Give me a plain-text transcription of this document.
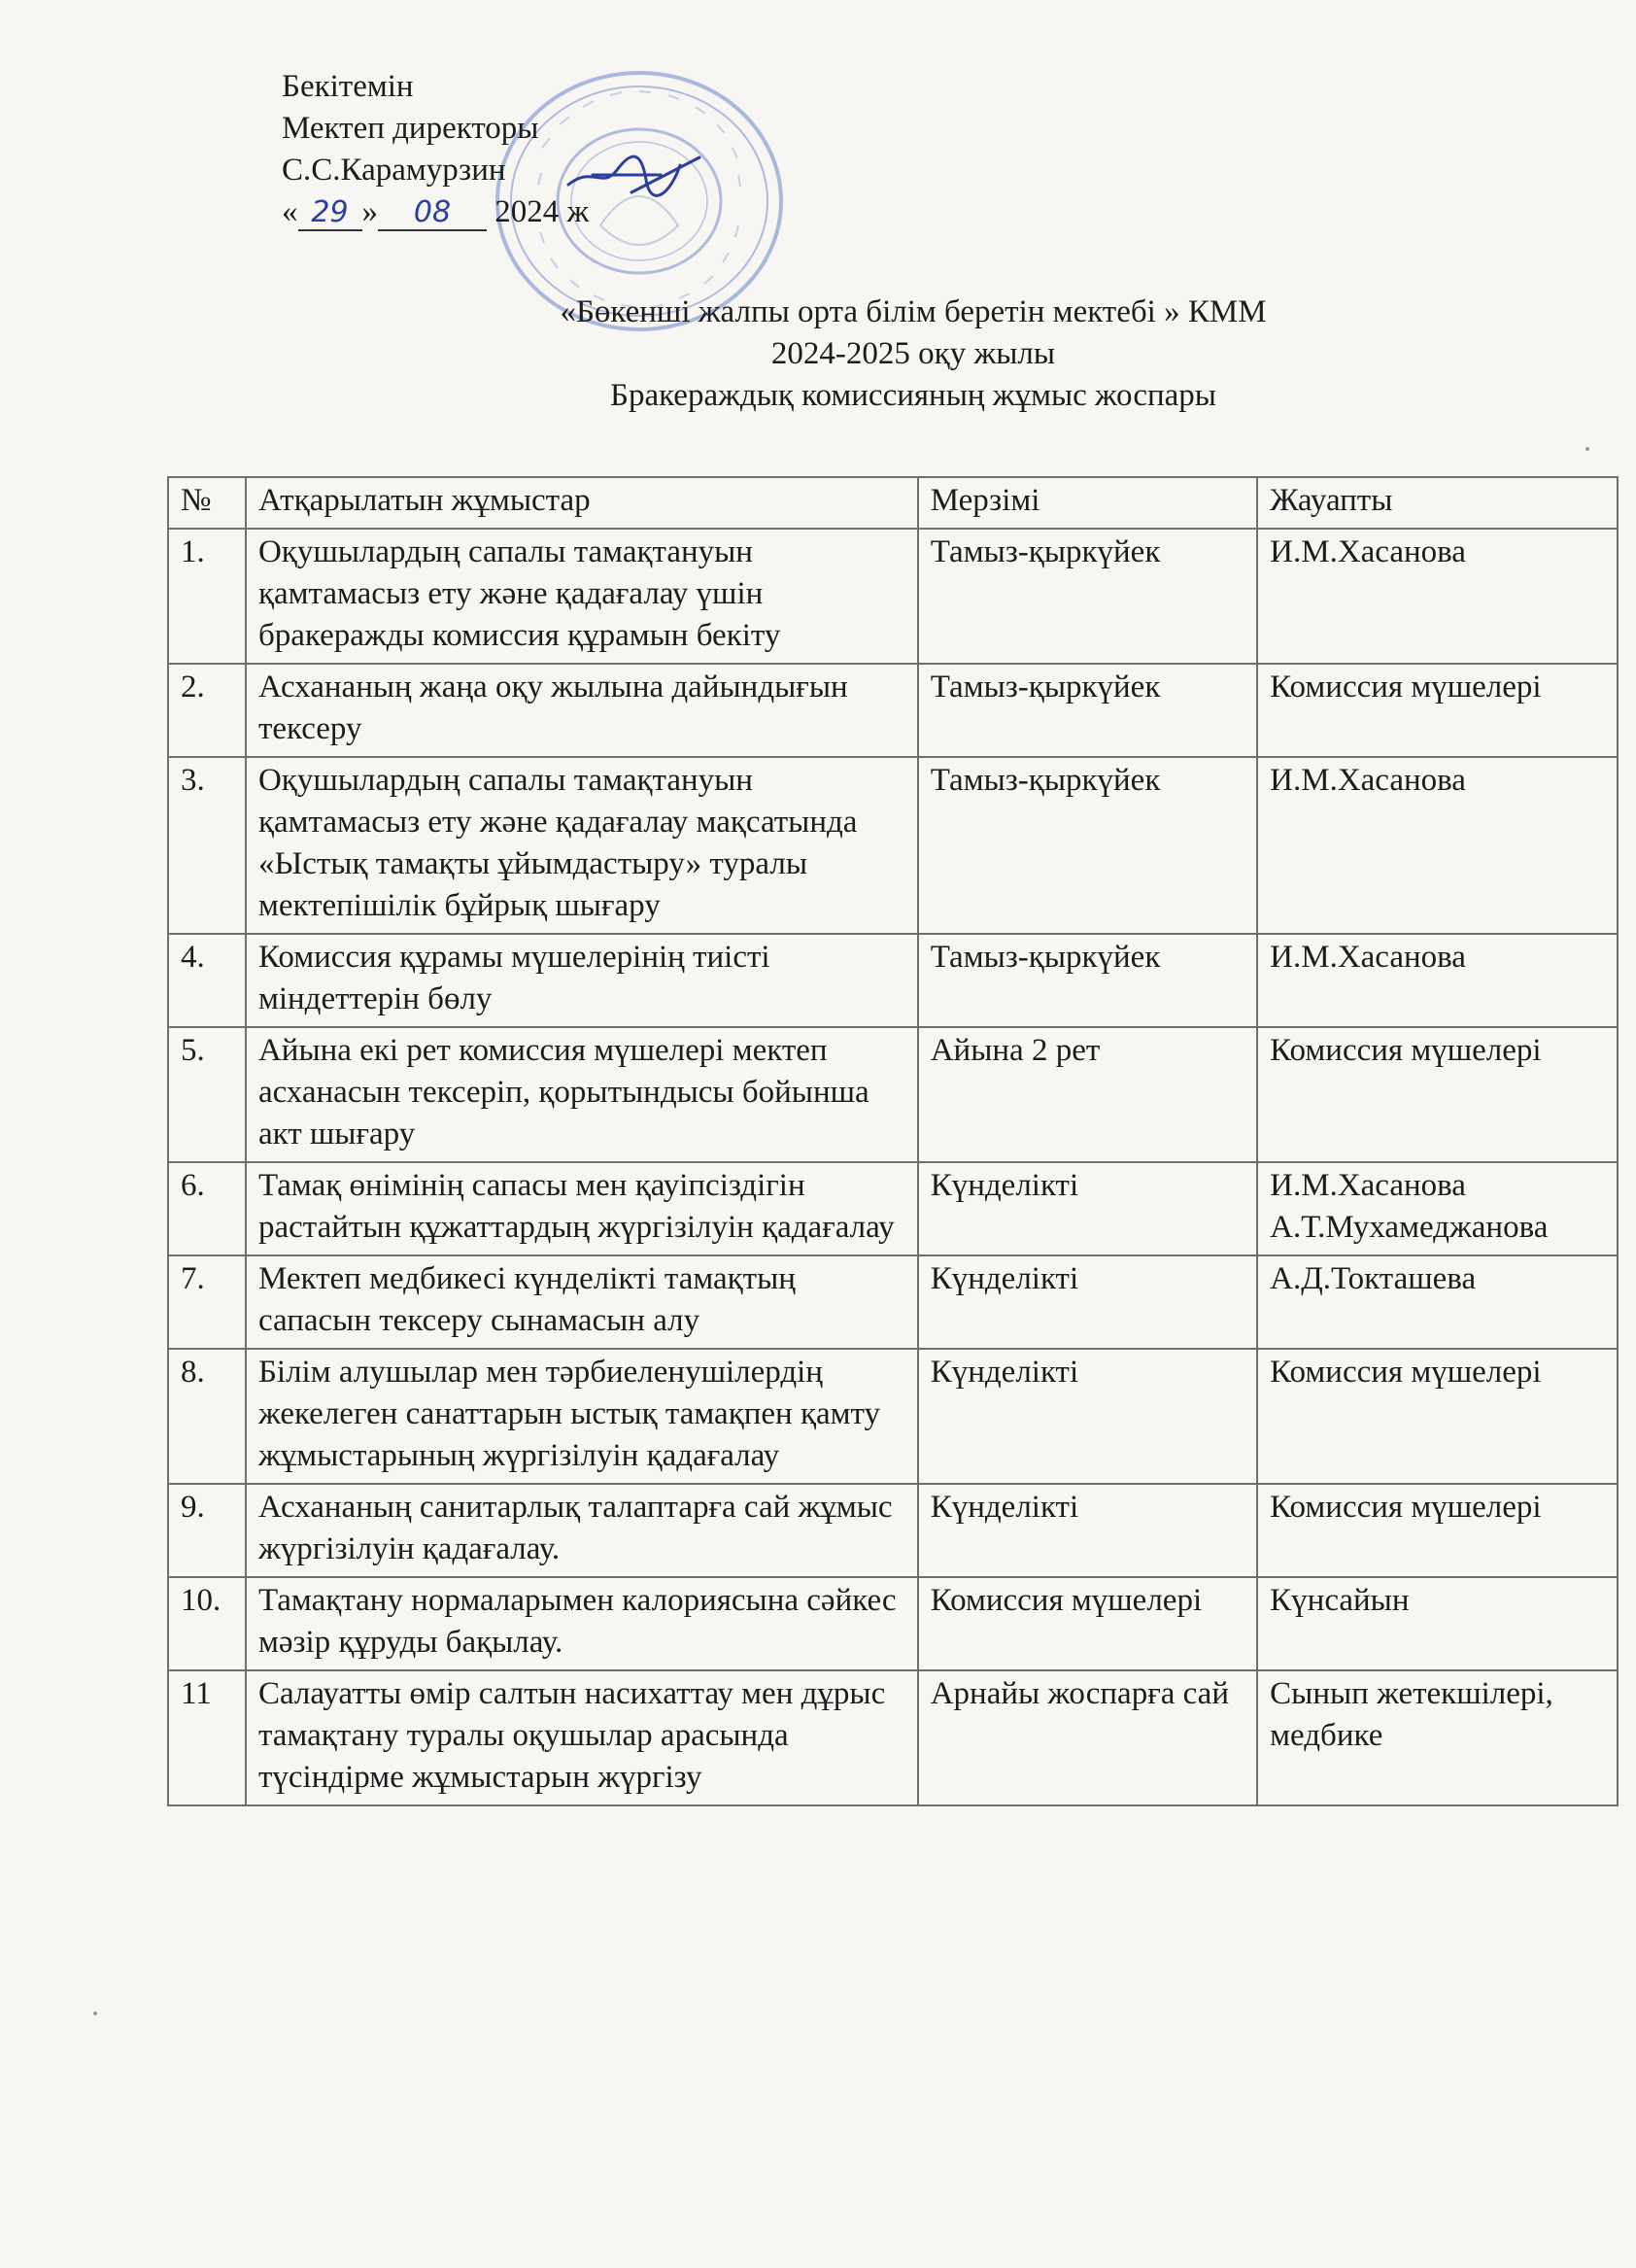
Бекітемін
Мектеп директоры
С.С.Карамурзин
« 29 » 08 2024 ж
«Бөкеншi жалпы орта бiлiм беретiн мектебi » КММ
2024-2025 оқу жылы
Бракераждық комиссияның жұмыс жоспары
№	Атқарылатын жұмыстар	Мерзiмi	Жауапты
1.	Оқушылардың сапалы тамақтануын қамтамасыз ету және қадағалау үшiн бракеражды комиссия құрамын бекiту	Тамыз-қыркүйек	И.М.Хасанова
2.	Асхананың жаңа оқу жылына дайындығын тексеру	Тамыз-қыркүйек	Комиссия мүшелерi
3.	Оқушылардың сапалы тамақтануын қамтамасыз ету және қадағалау мақсатында «Ыстық тамақты ұйымдастыру» туралы мектепiшiлiк бұйрық шығару	Тамыз-қыркүйек	И.М.Хасанова
4.	Комиссия құрамы мүшелерiнiң тиiстi мiндеттерiн бөлу	Тамыз-қыркүйек	И.М.Хасанова
5.	Айына екi рет комиссия мүшелерi мектеп асханасын тексерiп, қорытындысы бойынша акт шығару	Айына 2 рет	Комиссия мүшелерi
6.	Тамақ өнiмiнiң сапасы мен қауiпсiздiгiн растайтын құжаттардың жүргiзiлуiн қадағалау	Күнделiктi	И.М.Хасанова
А.Т.Мухамеджанова
7.	Мектеп медбикесi күнделiктi тамақтың сапасын тексеру сынамасын алу	Күнделiктi	А.Д.Токташева
8.	Бiлiм алушылар мен тәрбиеленушiлердiң жекелеген санаттарын ыстық тамақпен қамту жұмыстарының жүргiзiлуiн қадағалау	Күнделiктi	Комиссия мүшелерi
9.	Асхананың санитарлық талаптарға сай жұмыс жүргiзiлуiн қадағалау.	Күнделiктi	Комиссия мүшелерi
10.	Тамақтану нормаларымен калориясына сәйкес мәзiр құруды бақылау.	Комиссия мүшелерi	Күнсайын
11	Салауатты өмiр салтын насихаттау мен дұрыс тамақтану туралы оқушылар арасында түсiндiрме жұмыстарын жүргiзу	Арнайы жоспарға сай	Сынып жетекшiлерi, медбике
